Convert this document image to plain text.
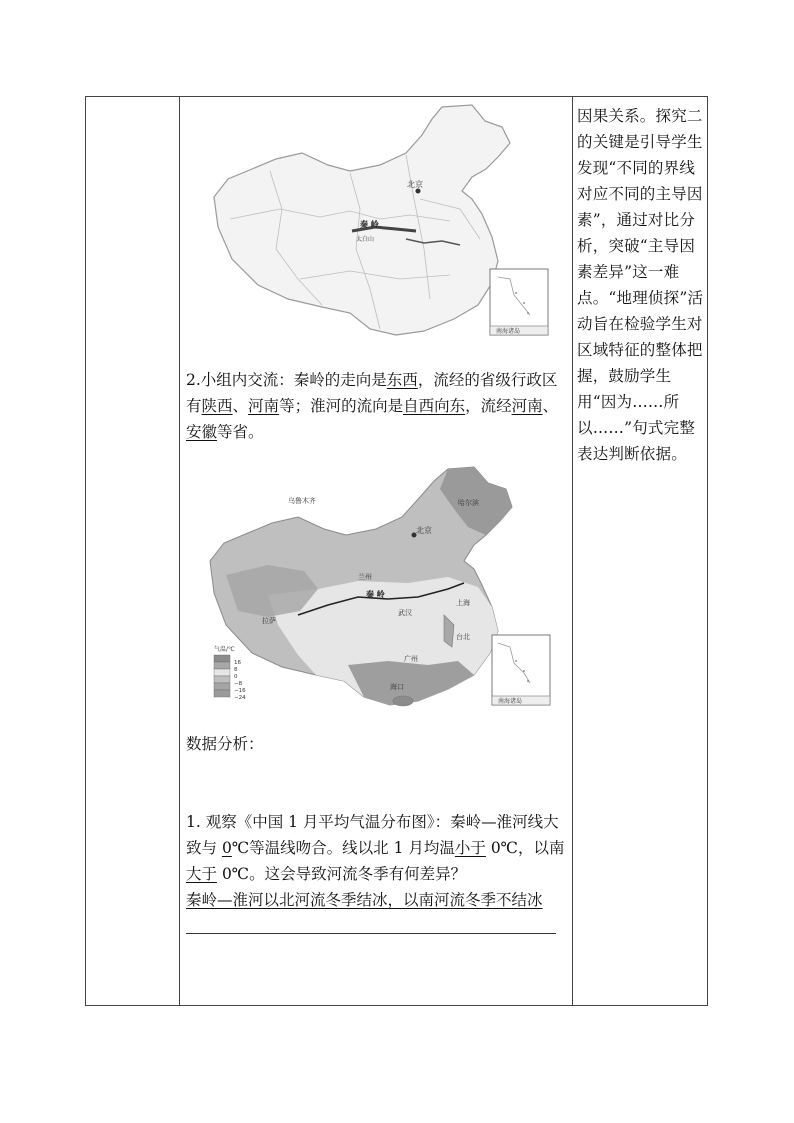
北京
秦 岭
太白山
南海诸岛

2.小组内交流：秦岭的走向是东西，流经的省级行政区有陕西、河南等；淮河的流向是自西向东，流经河南、安徽等省。

北京
乌鲁木齐	哈尔滨
兰州
秦 岭
上海
拉萨
武汉
台北
广州
海口
气温/℃
16
8
0
−8
−16
−24	南海诸岛

数据分析：

1. 观察《中国 1 月平均气温分布图》：秦岭—淮河线大致与 0℃等温线吻合。线以北 1 月均温小于 0℃，以南大于 0℃。这会导致河流冬季有何差异？

秦岭—淮河以北河流冬季结冰，以南河流冬季不结冰

因果关系。探究二的关键是引导学生发现“不同的界线对应不同的主导因素”，通过对比分析，突破“主导因素差异”这一难点。“地理侦探”活动旨在检验学生对区域特征的整体把握，鼓励学生用“因为……所以……”句式完整表达判断依据。
